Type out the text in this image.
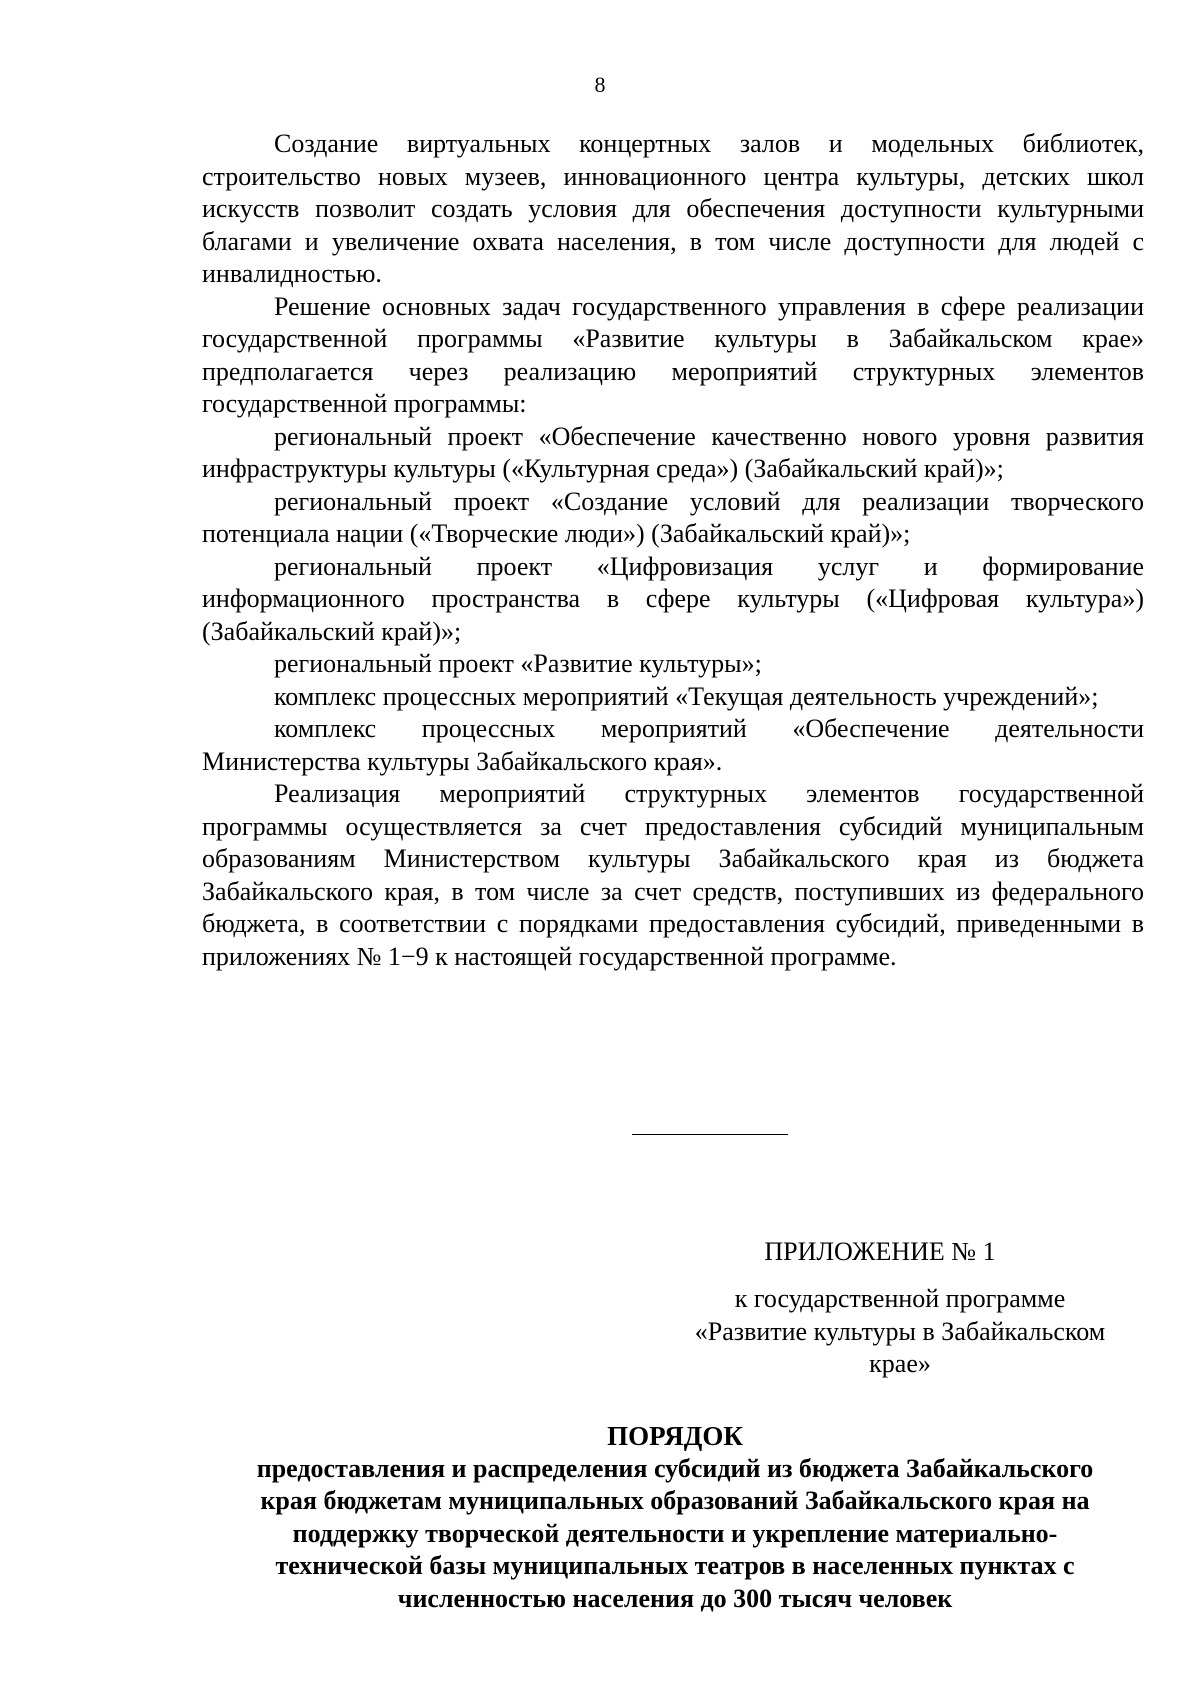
8

Создание виртуальных концертных залов и модельных библиотек, строительство новых музеев, инновационного центра культуры, детских школ искусств позволит создать условия для обеспечения доступности культурными благами и увеличение охвата населения, в том числе доступности для людей с инвалидностью.

Решение основных задач государственного управления в сфере реализации государственной программы «Развитие культуры в Забайкальском крае» предполагается через реализацию мероприятий структурных элементов государственной программы:

региональный проект «Обеспечение качественно нового уровня развития инфраструктуры культуры («Культурная среда») (Забайкальский край)»;

региональный проект «Создание условий для реализации творческого потенциала нации («Творческие люди») (Забайкальский край)»;

региональный проект «Цифровизация услуг и формирование информационного пространства в сфере культуры («Цифровая культура») (Забайкальский край)»;

региональный проект «Развитие культуры»;

комплекс процессных мероприятий «Текущая деятельность учреждений»;

комплекс процессных мероприятий «Обеспечение деятельности Министерства культуры Забайкальского края».

Реализация мероприятий структурных элементов государственной программы осуществляется за счет предоставления субсидий муниципальным образованиям Министерством культуры Забайкальского края из бюджета Забайкальского края, в том числе за счет средств, поступивших из федерального бюджета, в соответствии с порядками предоставления субсидий, приведенными в приложениях № 1−9 к настоящей государственной программе.

ПРИЛОЖЕНИЕ № 1
к государственной программе
«Развитие культуры в Забайкальском
крае»
ПОРЯДОК
предоставления и распределения субсидий из бюджета Забайкальского
края бюджетам муниципальных образований Забайкальского края на
поддержку творческой деятельности и укрепление материально-
технической базы муниципальных театров в населенных пунктах с
численностью населения до 300 тысяч человек
